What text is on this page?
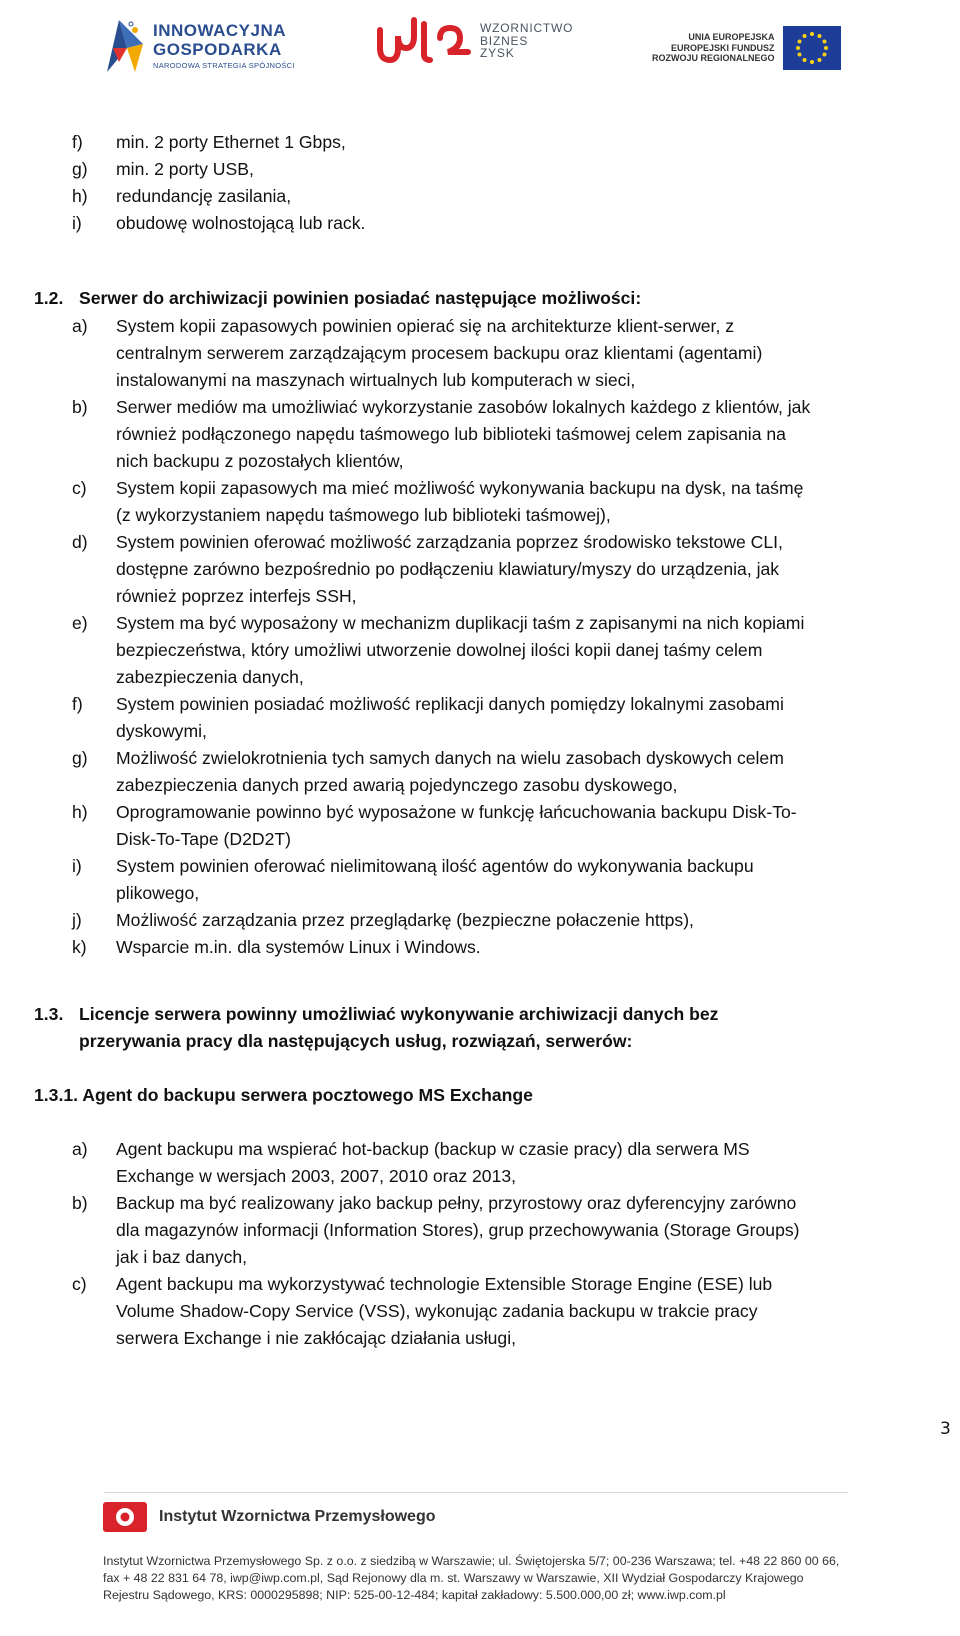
INNOWACYJNA
GOSPODARKA
NARODOWA STRATEGIA SPÓJNOŚCI
WZORNICTWO
BIZNES
ZYSK
UNIA EUROPEJSKA
EUROPEJSKI FUNDUSZ
ROZWOJU REGIONALNEGO
f) min. 2 porty Ethernet 1 Gbps,
g) min. 2 porty USB,
h) redundancję zasilania,
i) obudowę wolnostojącą lub rack.
1.2. Serwer do archiwizacji powinien posiadać następujące możliwości:
a) System kopii zapasowych powinien opierać się na architekturze klient-serwer, z
centralnym serwerem zarządzającym procesem backupu oraz klientami (agentami)
instalowanymi na maszynach wirtualnych lub komputerach w sieci,
b) Serwer mediów ma umożliwiać wykorzystanie zasobów lokalnych każdego z klientów, jak
również podłączonego napędu taśmowego lub biblioteki taśmowej celem zapisania na
nich backupu z pozostałych klientów,
c) System kopii zapasowych ma mieć możliwość wykonywania backupu na dysk, na taśmę
(z wykorzystaniem napędu taśmowego lub biblioteki taśmowej),
d) System powinien oferować możliwość zarządzania poprzez środowisko tekstowe CLI,
dostępne zarówno bezpośrednio po podłączeniu klawiatury/myszy do urządzenia, jak
również poprzez interfejs SSH,
e) System ma być wyposażony w mechanizm duplikacji taśm z zapisanymi na nich kopiami
bezpieczeństwa, który umożliwi utworzenie dowolnej ilości kopii danej taśmy celem
zabezpieczenia danych,
f) System powinien posiadać możliwość replikacji danych pomiędzy lokalnymi zasobami
dyskowymi,
g) Możliwość zwielokrotnienia tych samych danych na wielu zasobach dyskowych celem
zabezpieczenia danych przed awarią pojedynczego zasobu dyskowego,
h) Oprogramowanie powinno być wyposażone w funkcję łańcuchowania backupu Disk-To-
Disk-To-Tape (D2D2T)
i) System powinien oferować nielimitowaną ilość agentów do wykonywania backupu
plikowego,
j) Możliwość zarządzania przez przeglądarkę (bezpieczne połaczenie https),
k) Wsparcie m.in. dla systemów Linux i Windows.
1.3. Licencje serwera powinny umożliwiać wykonywanie archiwizacji danych bez
przerywania pracy dla następujących usług, rozwiązań, serwerów:
1.3.1. Agent do backupu serwera pocztowego MS Exchange
a) Agent backupu ma wspierać hot-backup (backup w czasie pracy) dla serwera MS
Exchange w wersjach 2003, 2007, 2010 oraz 2013,
b) Backup ma być realizowany jako backup pełny, przyrostowy oraz dyferencyjny zarówno
dla magazynów informacji (Information Stores), grup przechowywania (Storage Groups)
jak i baz danych,
c) Agent backupu ma wykorzystywać technologie Extensible Storage Engine (ESE) lub
Volume Shadow-Copy Service (VSS), wykonując zadania backupu w trakcie pracy
serwera Exchange i nie zakłócając działania usługi,
3
Instytut Wzornictwa Przemysłowego
Instytut Wzornictwa Przemysłowego Sp. z o.o. z siedzibą w Warszawie; ul. Świętojerska 5/7; 00-236 Warszawa; tel. +48 22 860 00 66,
fax + 48 22 831 64 78, iwp@iwp.com.pl, Sąd Rejonowy dla m. st. Warszawy w Warszawie, XII Wydział Gospodarczy Krajowego
Rejestru Sądowego, KRS: 0000295898; NIP: 525-00-12-484; kapitał zakładowy: 5.500.000,00 zł; www.iwp.com.pl
